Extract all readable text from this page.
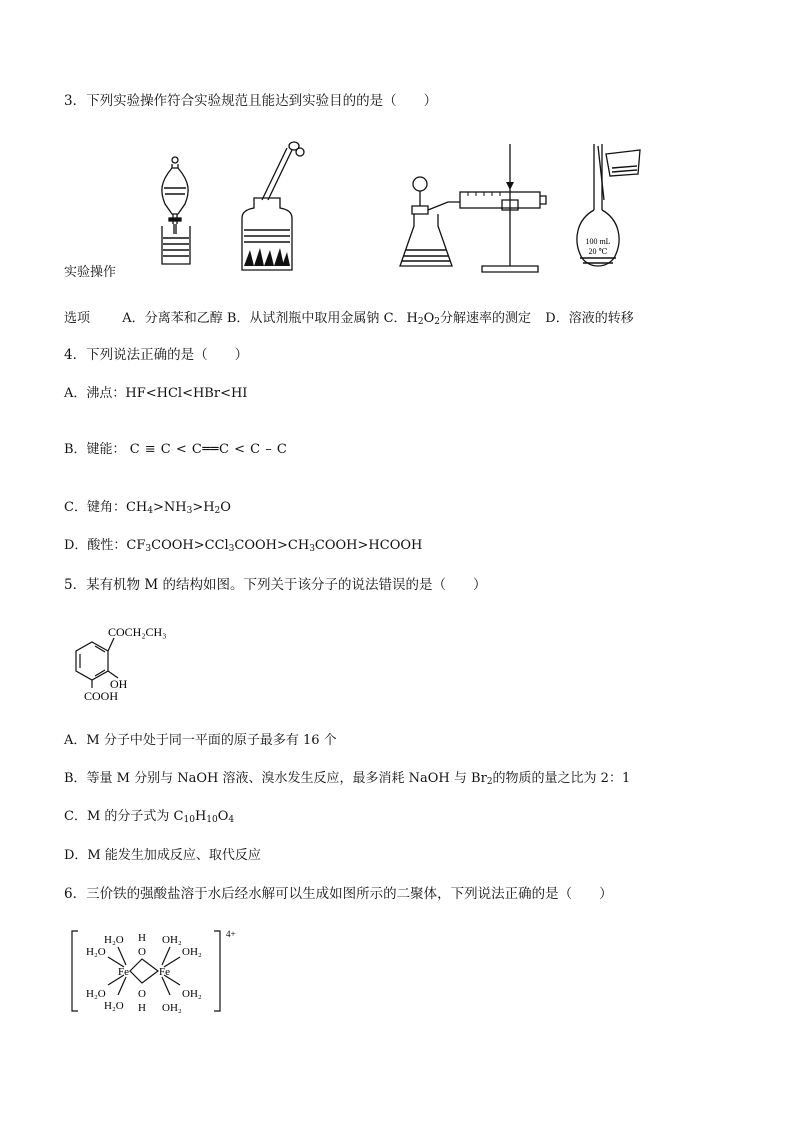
3．下列实验操作符合实验规范且能达到实验目的的是（　　）
100 mL
20 ℃
实验操作
选项 A．分离苯和乙醇 B．从试剂瓶中取用金属钠 C．$H_2O_2$分解速率的测定 D．溶液的转移
4．下列说法正确的是（　　）
A．沸点：HF<HCl<HBr<HI
B．键能： C ≡ C < C══C < C – C
C．键角：$CH_4>NH_3>H_2O$
D．酸性：$CF_3COOH>CCl_3COOH>CH_3COOH>HCOOH$
5．某有机物 M 的结构如图。下列关于该分子的说法错误的是（　　）
COCH₂CH₃
OH
COOH
A．M 分子中处于同一平面的原子最多有 16 个
B．等量 M 分别与 NaOH 溶液、溴水发生反应，最多消耗 NaOH 与 $Br_2$的物质的量之比为 2：1
C．M 的分子式为 $C_{10}H_{10}O_4$
D．M 能发生加成反应、取代反应
6．三价铁的强酸盐溶于水后经水解可以生成如图所示的二聚体，下列说法正确的是（　　）
4+
Fe	Fe
H₂O
H₂O
H₂O
H₂O
O
H
O
H
OH₂
OH₂
OH₂
OH₂
